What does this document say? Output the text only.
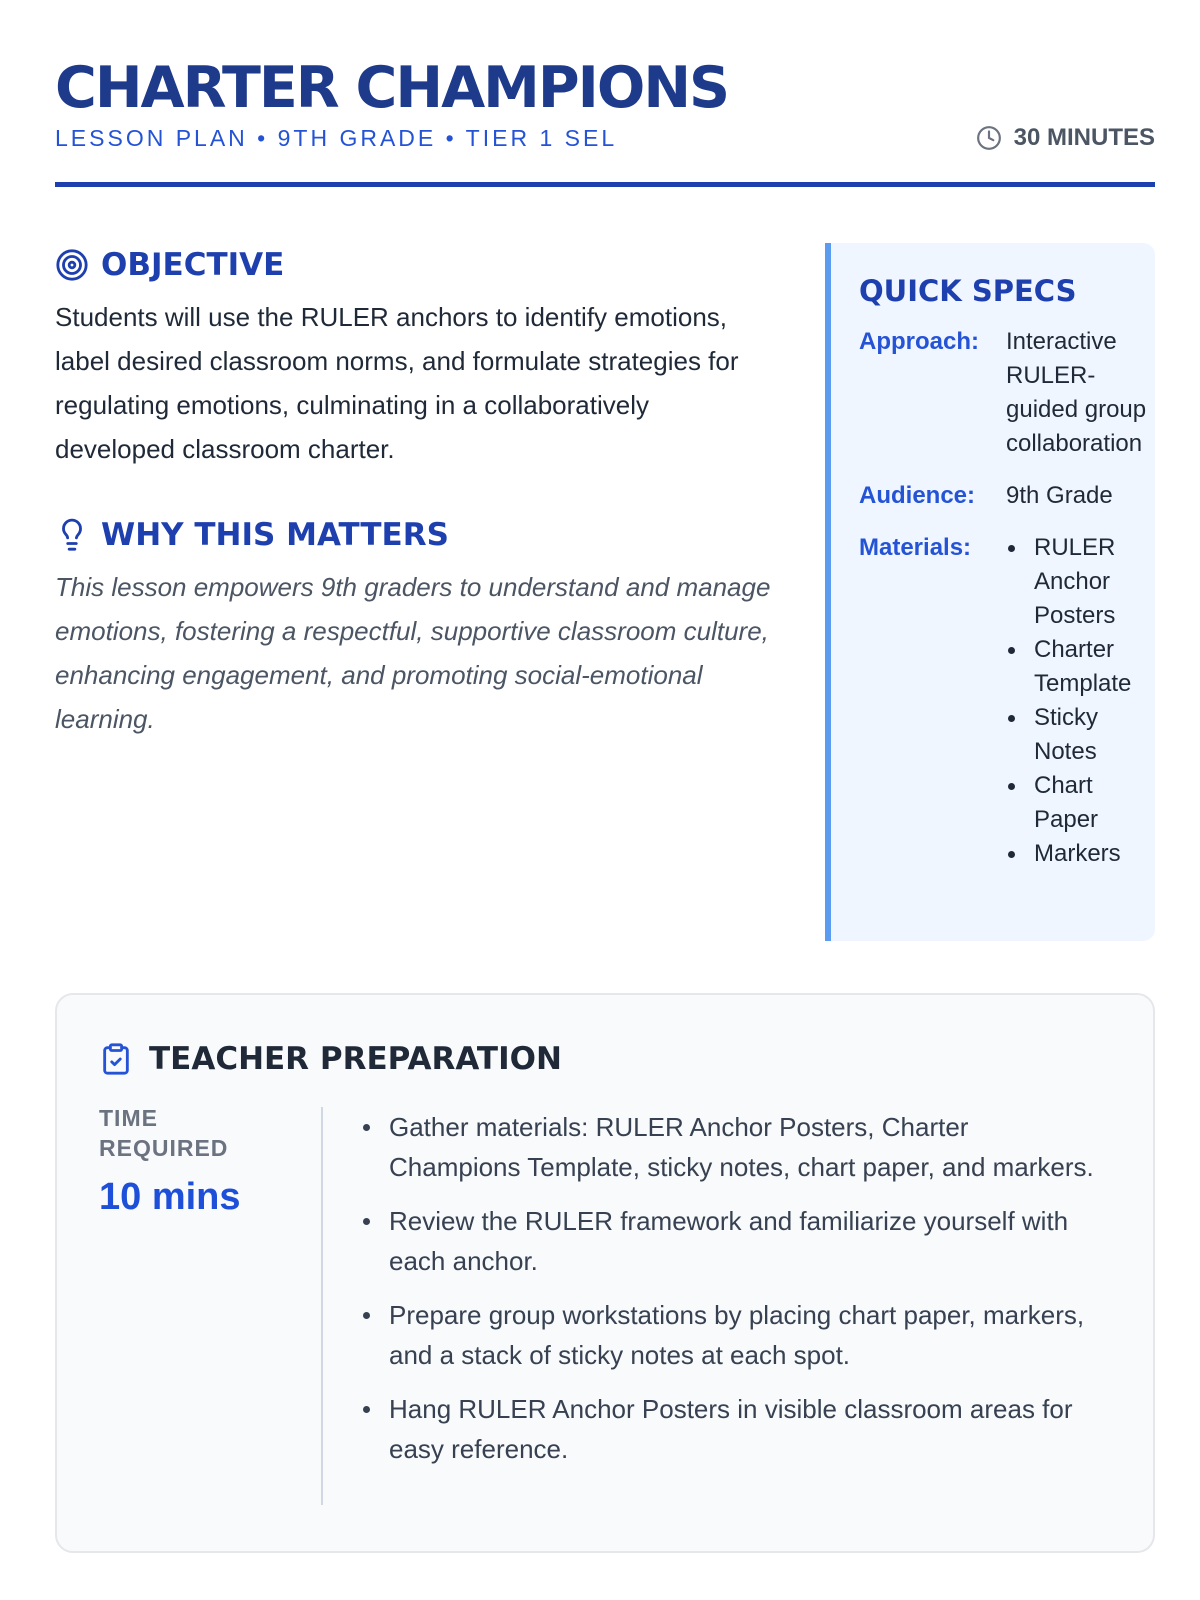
CHARTER CHAMPIONS
LESSON PLAN • 9TH GRADE • TIER 1 SEL	30 MINUTES
OBJECTIVE

Students will use the RULER anchors to identify emotions, label desired classroom norms, and formulate strategies for regulating emotions, culminating in a collaboratively developed classroom charter.

WHY THIS MATTERS

This lesson empowers 9th graders to understand and manage emotions, fostering a respectful, supportive classroom culture, enhancing engagement, and promoting social-emotional learning.

QUICK SPECS
Approach:	Interactive RULER-guided group collaboration
Audience:	9th Grade
Materials:	RULER Anchor Posters
Charter Template
Sticky Notes
Chart Paper
Markers
TEACHER PREPARATION
TIME REQUIRED
10 mins
Gather materials: RULER Anchor Posters, Charter Champions Template, sticky notes, chart paper, and markers.
Review the RULER framework and familiarize yourself with each anchor.
Prepare group workstations by placing chart paper, markers, and a stack of sticky notes at each spot.
Hang RULER Anchor Posters in visible classroom areas for easy reference.
